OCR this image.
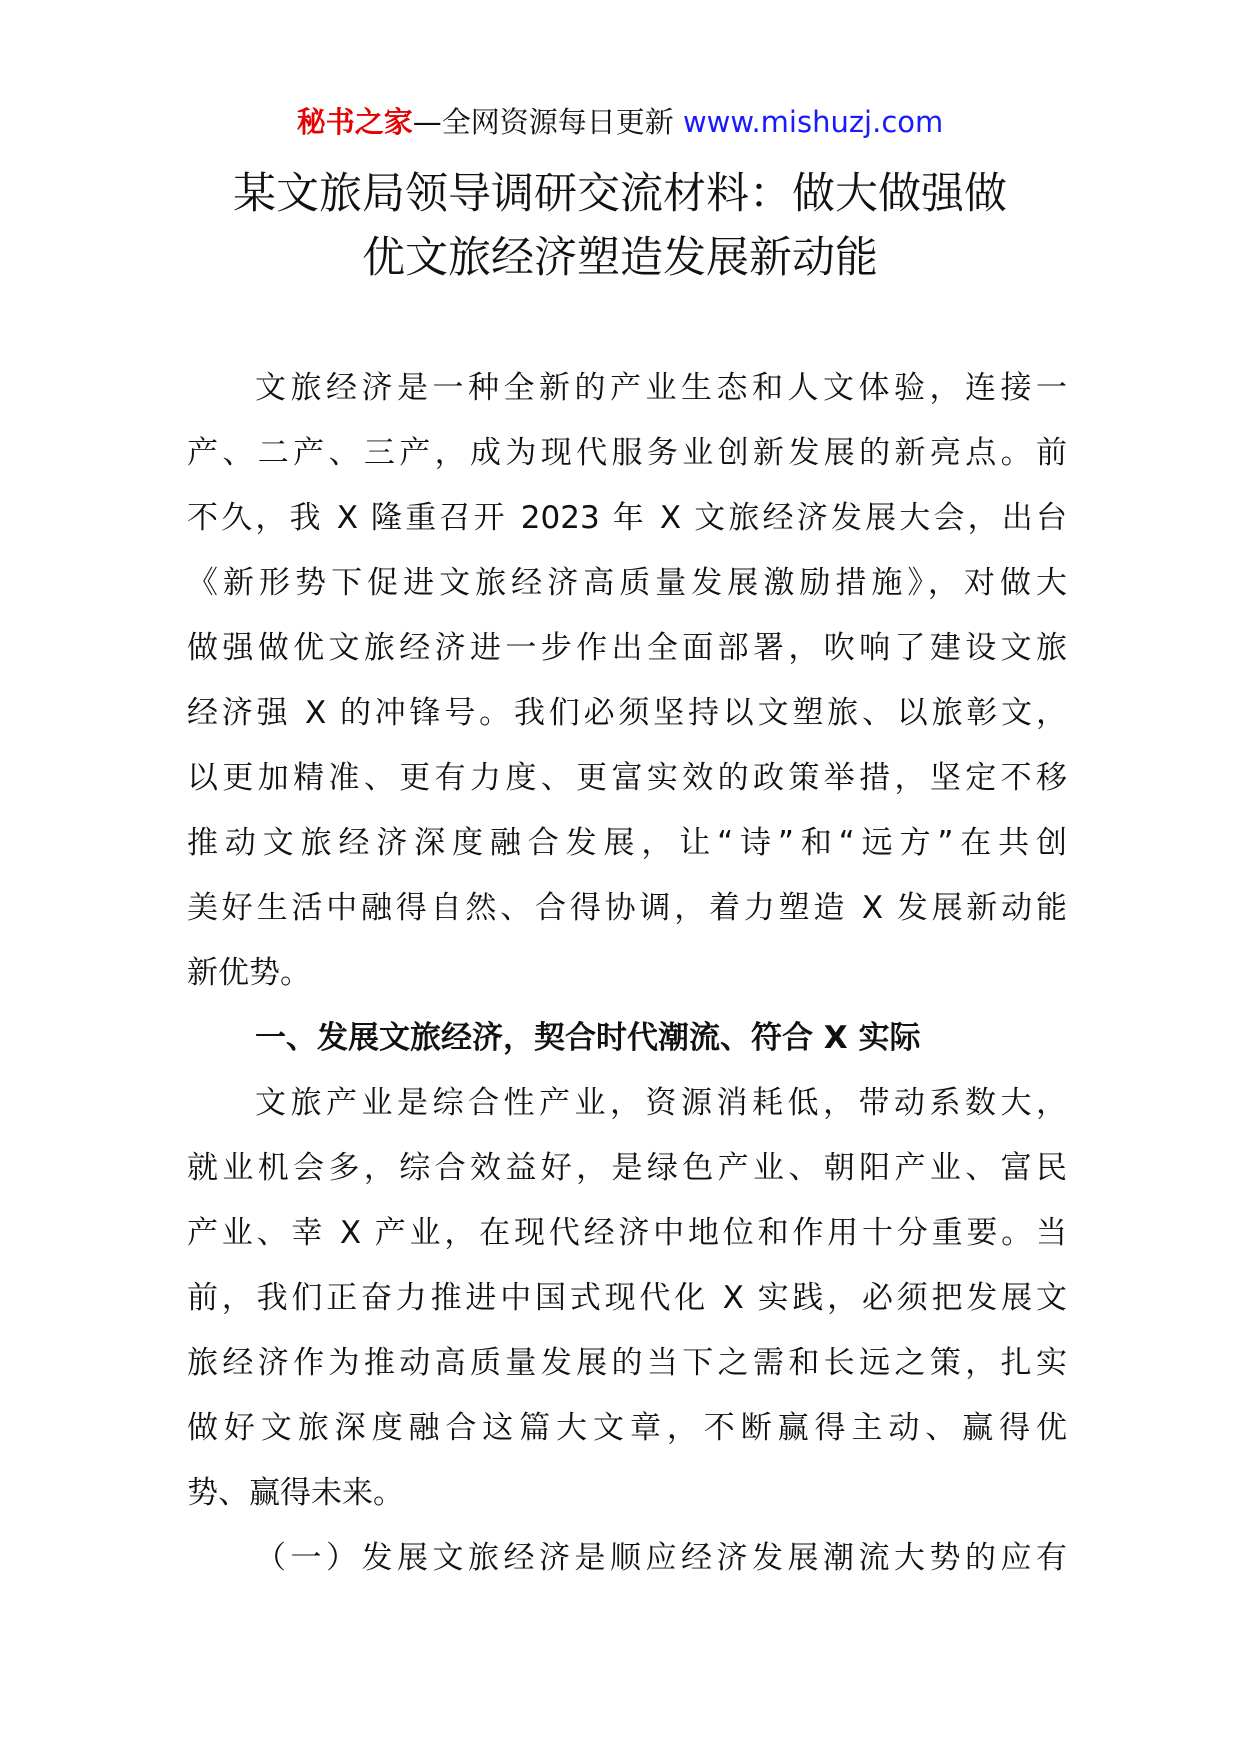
秘书之家—全网资源每日更新 www.mishuzj.com
某文旅局领导调研交流材料：做大做强做
优文旅经济塑造发展新动能
文旅经济是一种全新的产业生态和人文体验，连接一
产、二产、三产，成为现代服务业创新发展的新亮点。前
不久，我 X 隆重召开 2023 年 X 文旅经济发展大会，出台
《新形势下促进文旅经济高质量发展激励措施》，对做大
做强做优文旅经济进一步作出全面部署，吹响了建设文旅
经济强 X 的冲锋号。我们必须坚持以文塑旅、以旅彰文，
以更加精准、更有力度、更富实效的政策举措，坚定不移
推动文旅经济深度融合发展，让“诗”和“远方”在共创
美好生活中融得自然、合得协调，着力塑造 X 发展新动能
新优势。
一、发展文旅经济，契合时代潮流、符合 X 实际
文旅产业是综合性产业，资源消耗低，带动系数大，
就业机会多，综合效益好，是绿色产业、朝阳产业、富民
产业、幸 X 产业，在现代经济中地位和作用十分重要。当
前，我们正奋力推进中国式现代化 X 实践，必须把发展文
旅经济作为推动高质量发展的当下之需和长远之策，扎实
做好文旅深度融合这篇大文章，不断赢得主动、赢得优
势、赢得未来。
（一）发展文旅经济是顺应经济发展潮流大势的应有
